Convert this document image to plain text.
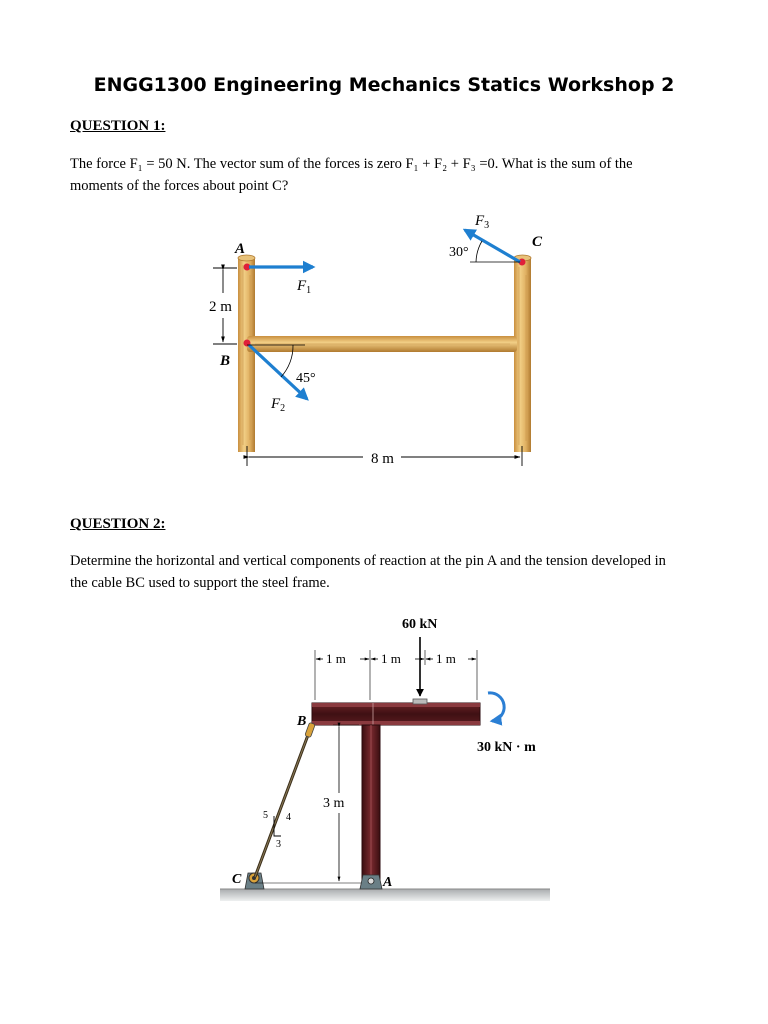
ENGG1300 Engineering Mechanics Statics Workshop 2
QUESTION 1:
The force F₁ = 50 N. The vector sum of the forces is zero F₁ + F₂ + F₃ =0. What is the sum of the
moments of the forces about point C?
A
B
C
$F_1$
$F_2$
$F_3$
45°
30°
2 m
8 m
QUESTION 2:
Determine the horizontal and vertical components of reaction at the pin A and the tension developed in
the cable BC used to support the steel frame.
5 4
3
3 m
1 m	1 m	1 m
60 kN
30 kN · m
B
A
C
